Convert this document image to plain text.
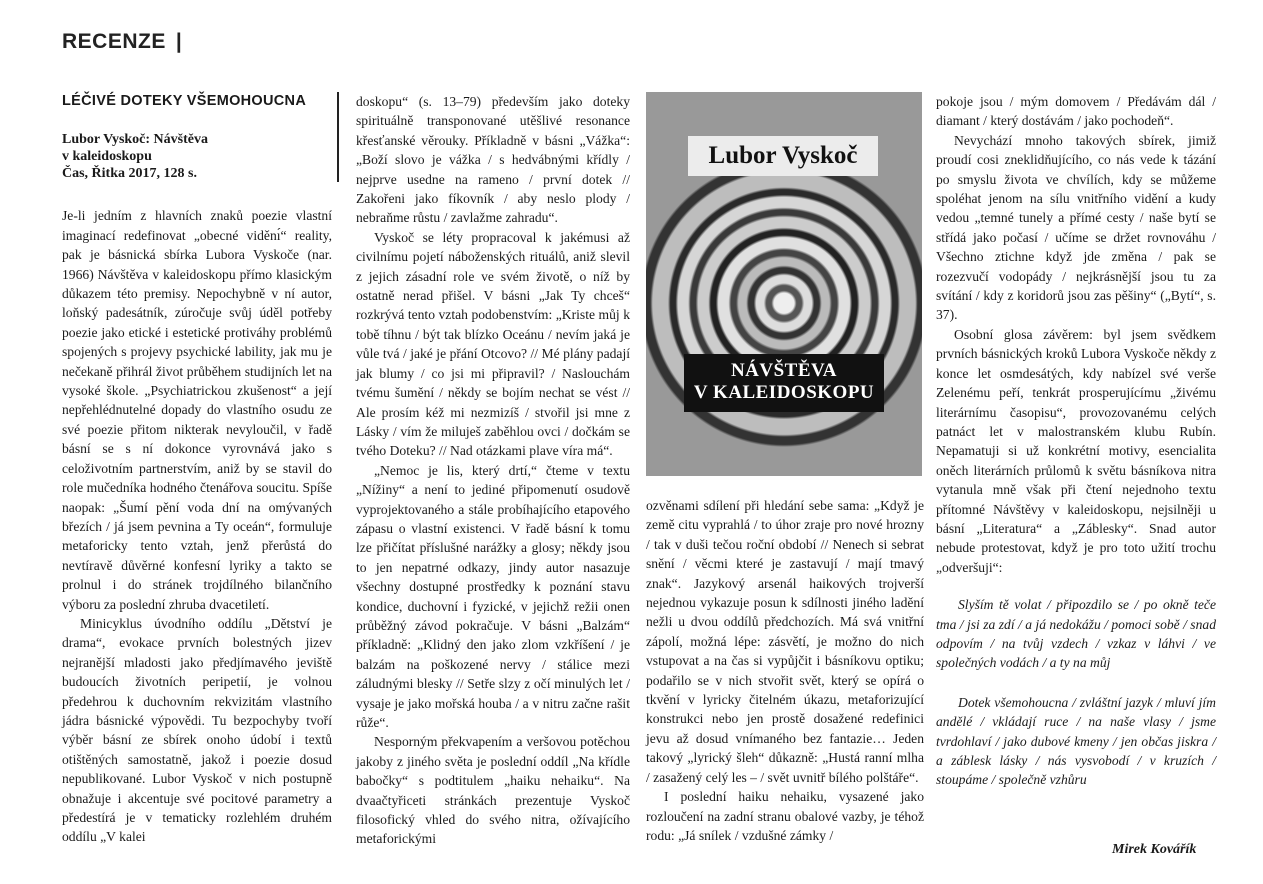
RECENZE |
LÉČIVÉ DOTEKY VŠEMOHOUCNA
Lubor Vyskoč: Návštěva
v kaleidoskopu
Čas, Řitka 2017, 128 s.

Je-li jedním z hlavních znaků poezie vlastní imaginací redefinovat „obecné viděnı́“ reality, pak je básnická sbírka Lubora Vyskoče (nar. 1966) Návštěva v kaleidoskopu přímo klasickým důkazem této premisy. Nepochybně v ní autor, loňský padesátník, zúročuje svůj úděl potřeby poezie jako etické i estetické protiváhy problémů spojených s projevy psychické lability, jak mu je nečekaně přihrál život průběhem studijních let na vysoké škole. „Psychiatrickou zkušenost“ a její nepřehlédnutelné dopady do vlastního osudu ze své poezie přitom nikterak nevyloučil, v řadě básní se s ní dokonce vyrovnává jako s celoživotním partnerstvím, aniž by se stavil do role mučedníka hodného čtenářova soucitu. Spíše naopak: „Šumí pění voda dní na omývaných březích / já jsem pevnina a Ty oceán“, formuluje metaforicky tento vztah, jenž přerůstá do nevtíravě důvěrné konfesní lyriky a takto se prolnul i do stránek trojdílného bilančního výboru za poslední zhruba dvacetiletí.

Minicyklus úvodního oddílu „Dětství je drama“, evokace prvních bolestných jizev nejranější mladosti jako předjímavého jeviště budoucích životních peripetií, je volnou předehrou k duchovním rekvizitám vlastního jádra básnické výpovědi. Tu bezpochyby tvoří výběr básní ze sbírek onoho údobí i textů otištěných samostatně, jakož i poezie dosud nepublikované. Lubor Vyskoč v nich postupně obnažuje i akcentuje své pocitové parametry a předestírá je v tematicky rozlehlém druhém oddílu „V kalei

doskopu“ (s. 13–79) především jako doteky spirituálně transponované utěšlivé resonance křesťanské věrouky. Příkladně v básni „Vážka“: „Boží slovo je vážka / s hedvábnými křídly / nejprve usedne na rameno / první dotek // Zakořeni jako fíkovník / aby neslo plody / nebraňme růstu / zavlažme zahradu“.

Vyskoč se léty propracoval k jakémusi až civilnímu pojetí náboženských rituálů, aniž slevil z jejich zásadní role ve svém životě, o níž by ostatně nerad přišel. V básni „Jak Ty chceš“ rozkrývá tento vztah podobenstvím: „Kriste můj k tobě tíhnu / být tak blízko Oceánu / nevím jaká je vůle tvá / jaké je přání Otcovo? // Mé plány padají jak blumy / co jsi mi připravil? / Naslouchám tvému šumění / někdy se bojím nechat se vést // Ale prosím kéž mi nezmizíš / stvořil jsi mne z Lásky / vím že miluješ zaběhlou ovci / dočkám se tvého Doteku? // Nad otázkami plave víra má“.

„Nemoc je lis, který drtí,“ čteme v textu „Nížiny“ a není to jediné připomenutí osudově vyprojektovaného a stále probíhajícího etapového zápasu o vlastní existenci. V řadě básní k tomu lze přičítat příslušné narážky a glosy; někdy jsou to jen nepatrné odkazy, jindy autor nasazuje všechny dostupné prostředky k poznání stavu kondice, duchovní i fyzické, v jejichž režii onen průběžný závod pokračuje. V básni „Balzám“ příkladně: „Klidný den jako zlom vzkříšení / je balzám na poškozené nervy / stálice mezi záludnými blesky // Setře slzy z očí minulých let / vysaje je jako mořská houba / a v nitru začne rašit růže“.

Nesporným překvapením a veršovou potěchou jakoby z jiného světa je poslední oddíl „Na křídle babočky“ s podtitulem „haiku nehaiku“. Na dvaačtyřiceti stránkách prezentuje Vyskoč filosofický vhled do svého nitra, ožívajícího metaforickými

Lubor Vyskoč
NÁVŠTĚVA
V KALEIDOSKOPU

ozvěnami sdílení při hledání sebe sama: „Když je země citu vyprahlá / to úhor zraje pro nové hrozny / tak v duši tečou roční období // Nenech si sebrat snění / věcmi které je zastavují / mají tmavý znak“. Jazykový arsenál haikových trojverší nejednou vykazuje posun k sdílnosti jiného ladění nežli u dvou oddílů předchozích. Má svá vnitřní zápolí, možná lépe: zásvětí, je možno do nich vstupovat a na čas si vypůjčit i básníkovu optiku; podařilo se v nich stvořit svět, který se opírá o tkvění v lyricky čitelném úkazu, metaforizující konstrukci nebo jen prostě dosažené redefinici jevu až dosud vnímaného bez fantazie… Jeden takový „lyrický šleh“ důkazně: „Hustá ranní mlha / zasažený celý les – / svět uvnitř bílého polštáře“.

I poslední haiku nehaiku, vysazené jako rozloučení na zadní stranu obalové vazby, je téhož rodu: „Já snílek / vzdušné zámky /

pokoje jsou / mým domovem / Předávám dál / diamant / který dostávám / jako pochodeň“.

Nevychází mnoho takových sbírek, jimiž proudí cosi zneklidňujícího, co nás vede k tázání po smyslu života ve chvílích, kdy se můžeme spoléhat jenom na sílu vnitřního vidění a kudy vedou „temné tunely a přímé cesty / naše bytí se střídá jako počasí / učíme se držet rovnováhu / Všechno ztichne když jde změna / pak se rozezvučí vodopády / nejkrásnější jsou tu za svítání / kdy z koridorů jsou zas pěšiny“ („Bytí“, s. 37).

Osobní glosa závěrem: byl jsem svědkem prvních básnických kroků Lubora Vyskoče někdy z konce let osmdesátých, kdy nabízel své verše Zelenému peří, tenkrát prosperujícímu „živému literárnímu časopisu“, provozovanému celých patnáct let v malostranském klubu Rubín. Nepamatuji si už konkrétní motivy, esencialita oněch literárních průlomů k světu básníkova nitra vytanula mně však při čtení nejednoho textu přítomné Návštěvy v kaleidoskopu, nejsilněji u básní „Literatura“ a „Záblesky“. Snad autor nebude protestovat, když je pro toto užití trochu „odveršuji“:

Slyším tě volat / připozdilo se / po okně teče tma / jsi za zdí / a já nedokážu / pomoci sobě / snad odpovím / na tvůj vzdech / vzkaz v láhvi / ve společných vodách / a ty na můj

Dotek všemohoucna / zvláštní jazyk / mluví jím andělé / vkládají ruce / na naše vlasy / jsme tvrdohlaví / jako dubové kmeny / jen občas jiskra / a záblesk lásky / nás vysvobodí / v kruzích / stoupáme / společně vzhůru

Mirek Kovářík
